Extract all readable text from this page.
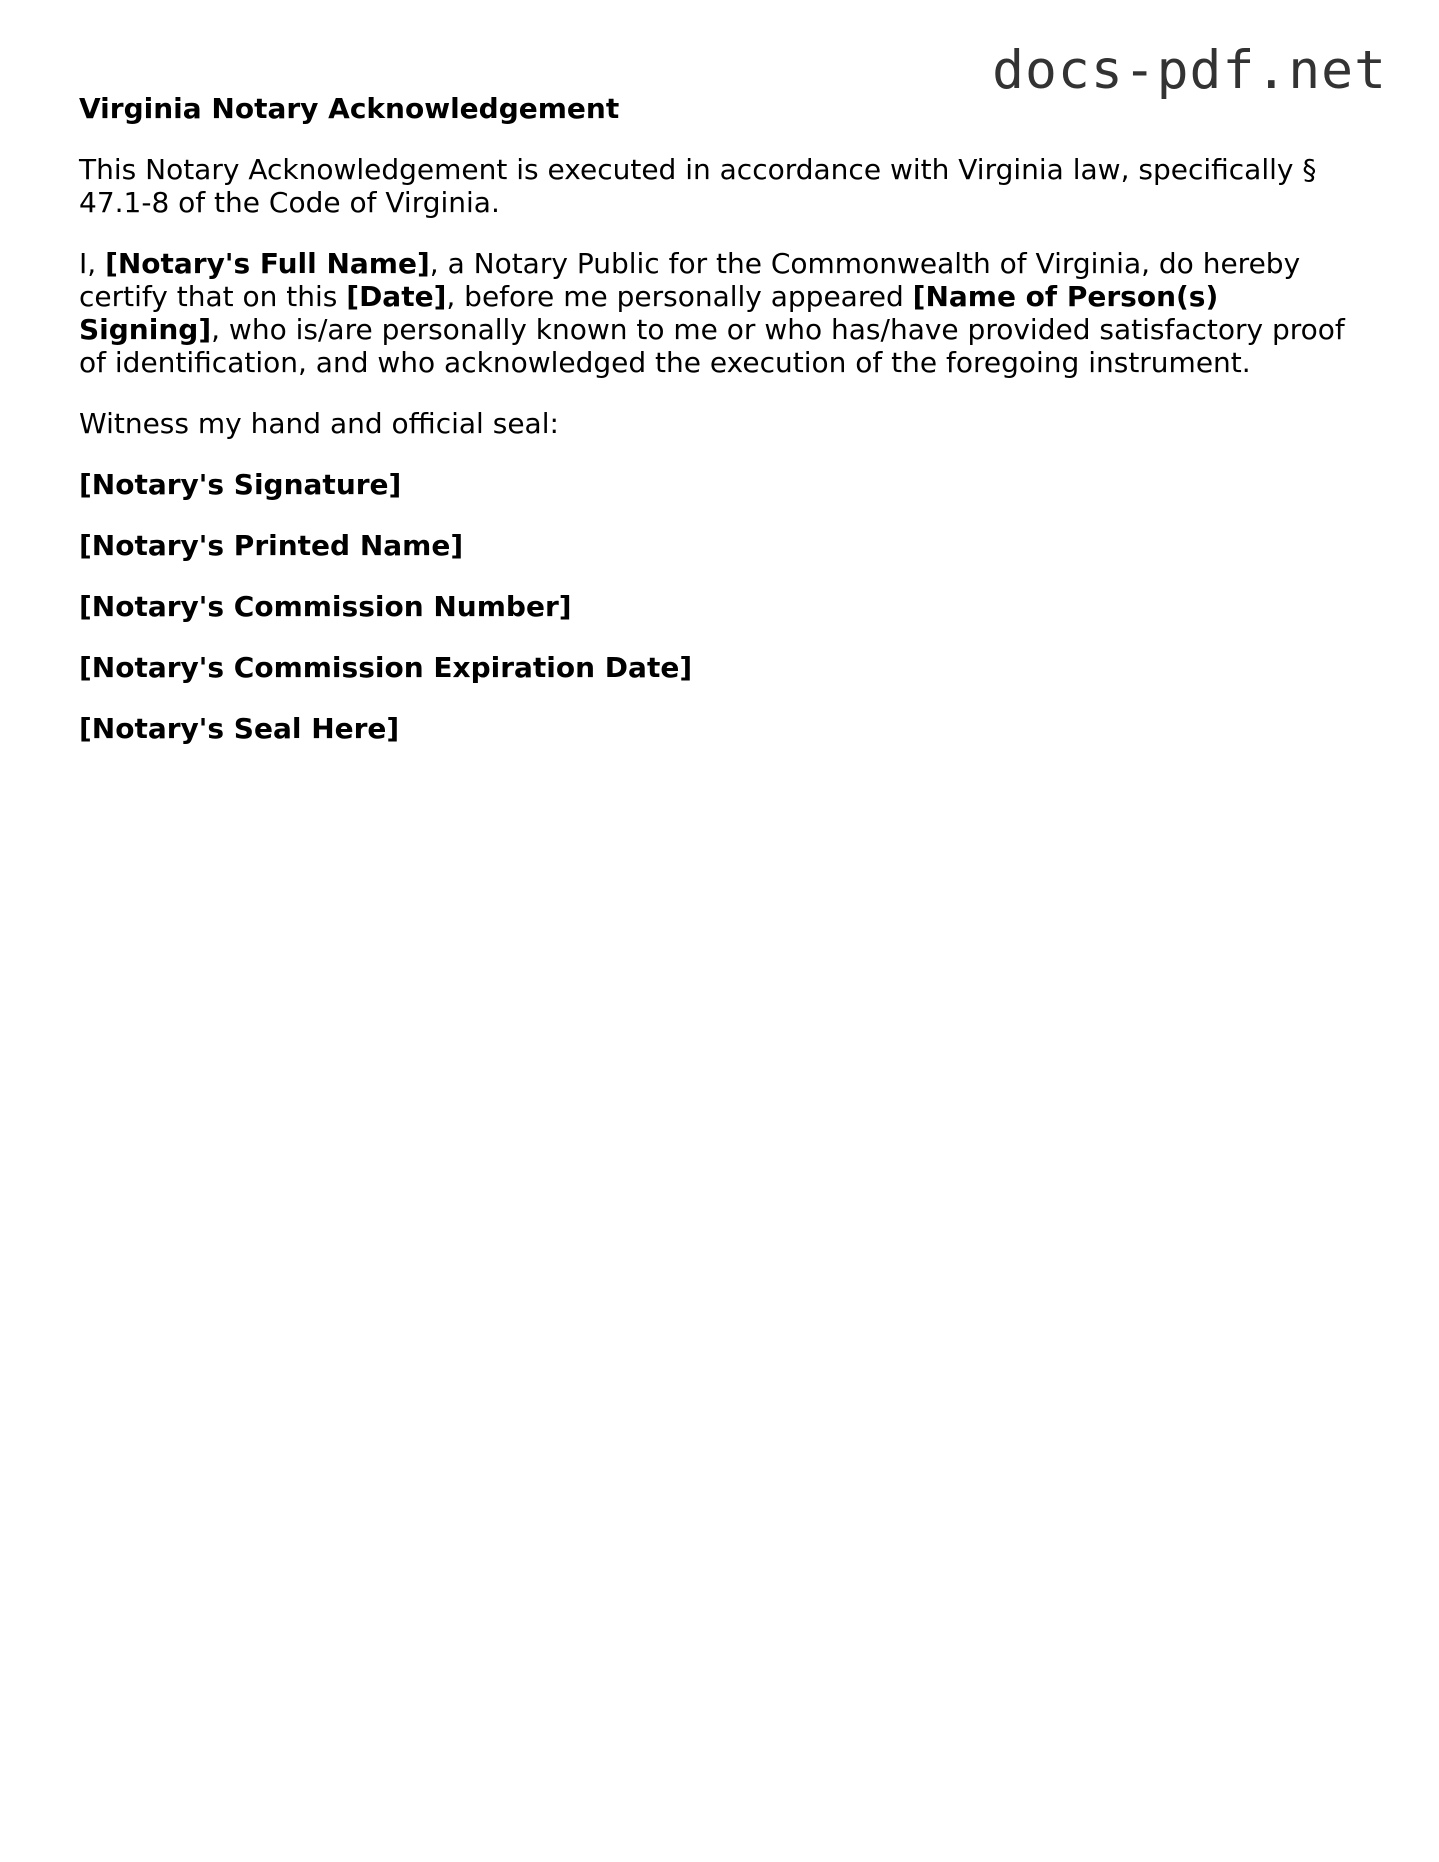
docs-pdf.net
Virginia Notary Acknowledgement

This Notary Acknowledgement is executed in accordance with Virginia law, specifically § 47.1-8 of the Code of Virginia.

I, [Notary's Full Name], a Notary Public for the Commonwealth of Virginia, do hereby certify that on this [Date], before me personally appeared [Name of Person(s) Signing], who is/are personally known to me or who has/have provided satisfactory proof of identification, and who acknowledged the execution of the foregoing instrument.

Witness my hand and official seal:

[Notary's Signature]

[Notary's Printed Name]

[Notary's Commission Number]

[Notary's Commission Expiration Date]

[Notary's Seal Here]
